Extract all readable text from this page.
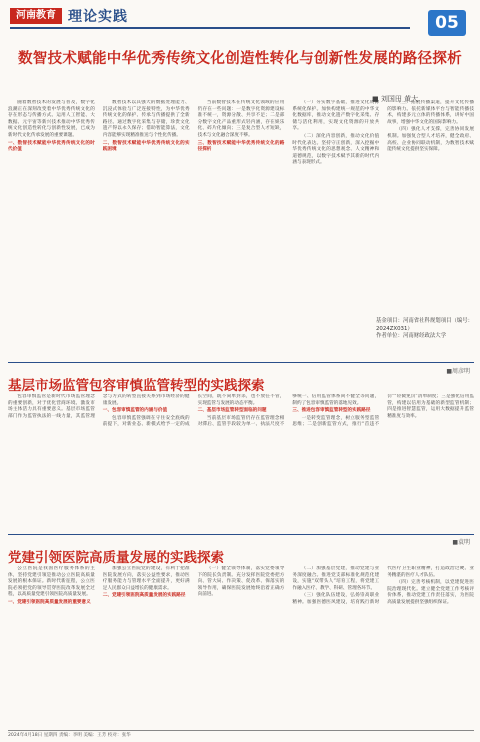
河南教育 理论实践	05
数智技术赋能中华优秀传统文化创造性转化与创新性发展的路径探析
■ 刘国田 黄大

随着数智技术的发展与普及，数字化浪潮正在深刻改变着中华优秀传统文化的存在形态与传播方式。运用人工智能、大数据、元宇宙等新兴技术推动中华优秀传统文化创造性转化与创新性发展，已成为新时代文化传承发展的重要课题。

一、数智技术赋能中华优秀传统文化的时代价值

数智技术以其强大的数据处理能力、沉浸式体验与广泛连接特性，为中华优秀传统文化的保护、传承与传播提供了全新路径。通过数字化采集与存储，珍贵文化遗产得以永久保存；借助智能算法，文化内容能够实现精准推送与个性化传播。

二、数智技术赋能中华优秀传统文化的实践困境

当前数智技术在传统文化领域的应用仍存在一些问题：一是数字化资源建设标准不统一，资源分散、共享不足；二是部分数字文化产品重形式轻内涵，存在娱乐化、碎片化倾向；三是复合型人才短缺，技术与文化融合深度不够。

三、数智技术赋能中华优秀传统文化的路径探析

（一）夯实数字基础，推进文化资源系统化保护。加快构建统一规范的中华文化数据库，推动文化遗产数字化采集、存储与活化利用，实现文化资源的开放共享。

（二）深化内容创新，推动文化价值时代化表达。坚持守正创新，深入挖掘中华优秀传统文化的思想观念、人文精神和道德规范，以数字技术赋予其新的时代内涵与表现形式。

（三）拓展传播渠道，提升文化传播的影响力。依托新媒体平台与智能传播技术，构建多元立体的传播体系，讲好中国故事，增强中华文化的国际影响力。

（四）强化人才支撑，完善协同发展机制。加强复合型人才培养，健全政府、高校、企业协同联动机制，为数智技术赋能传统文化提供坚实保障。

基金项目：河南省社科规划项目（编号：2024ZX031）
作者单位：河南财经政法大学
■周彦明
基层市场监管包容审慎监管转型的实践探索

包容审慎监管是新时代市场监管理念的重要创新，对于优化营商环境、激发市场主体活力具有重要意义。基层市场监管部门作为监管执法的一线力量，其监管理念与方式的转型直接关系到市场经济的健康发展。

一、包容审慎监管的内涵与价值

包容审慎监管强调在守住安全底线的前提下，对新业态、新模式给予一定的成长空间，既不简单封杀，也不放任不管，实现监管与发展的动态平衡。

二、基层市场监管转型面临的问题

当前基层市场监管仍存在监管理念相对滞后、监管手段较为单一、执法尺度不够统一、信用监管体系尚不健全等问题，制约了包容审慎监管的落地见效。

三、推进包容审慎监管转型的实践路径

一是转变监管理念，树立服务型监管思维；二是创新监管方式，推行“首违不罚”“轻微免罚”清单制度；三是强化信用监管，构建以信用为基础的新型监管机制；四是推进智慧监管，运用大数据提升监管精准度与效率。

■袁明
党建引领医院高质量发展的实践探索

公立医院是我国医疗服务体系的主体，坚持党建引领是推动公立医院高质量发展的根本保证。新时代新征程，公立医院必须把党的领导贯穿医院改革发展全过程，以高质量党建引领医院高质量发展。

一、党建引领医院高质量发展的重要意义

加强公立医院党的建设，有利于把准医院发展方向，落实公益性要求，推动医疗服务能力与管理水平全面提升，更好满足人民群众日益增长的健康需求。

二、党建引领医院高质量发展的实践路径

（一）健全领导体制，落实党委领导下的院长负责制。充分发挥医院党委把方向、管大局、作决策、促改革、保落实的领导作用，确保医院发展始终沿着正确方向前进。

（二）加强基层党建，推动党建与业务深度融合。推进党支部标准化规范化建设，实施“双带头人”培育工程，将党建工作融入医疗、教学、科研、管理各环节。

（三）强化队伍建设，弘扬崇高职业精神。加强医德医风建设，培育践行新时代医疗卫生职业精神，打造政治过硬、业务精湛的医疗人才队伍。

（四）完善考核机制，以党建促进医院治理现代化。建立健全党建工作考核评价体系，推动党建工作责任落实，为医院高质量发展提供坚强组织保证。

2024年4月18日 星期四 责编：李明 美编：王芳 校对：张华
